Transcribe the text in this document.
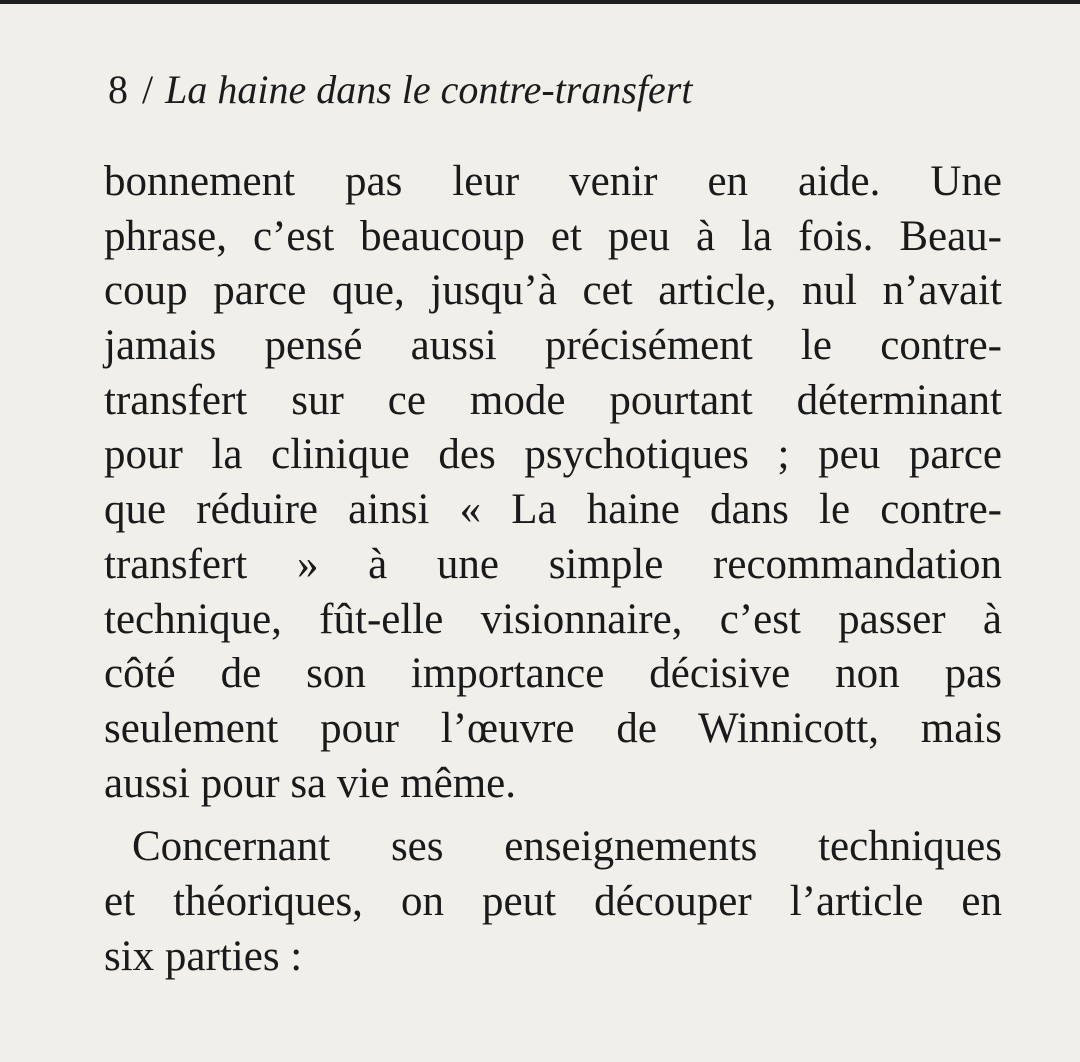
8 / La haine dans le contre-transfert
bonnement pas leur venir en aide. Une
phrase, c’est beaucoup et peu à la fois. Beau-
coup parce que, jusqu’à cet article, nul n’avait
jamais pensé aussi précisément le contre-
transfert sur ce mode pourtant déterminant
pour la clinique des psychotiques ; peu parce
que réduire ainsi « La haine dans le contre-
transfert » à une simple recommandation
technique, fût-elle visionnaire, c’est passer à
côté de son importance décisive non pas
seulement pour l’œuvre de Winnicott, mais
aussi pour sa vie même.
Concernant ses enseignements techniques
et théoriques, on peut découper l’article en
six parties :
